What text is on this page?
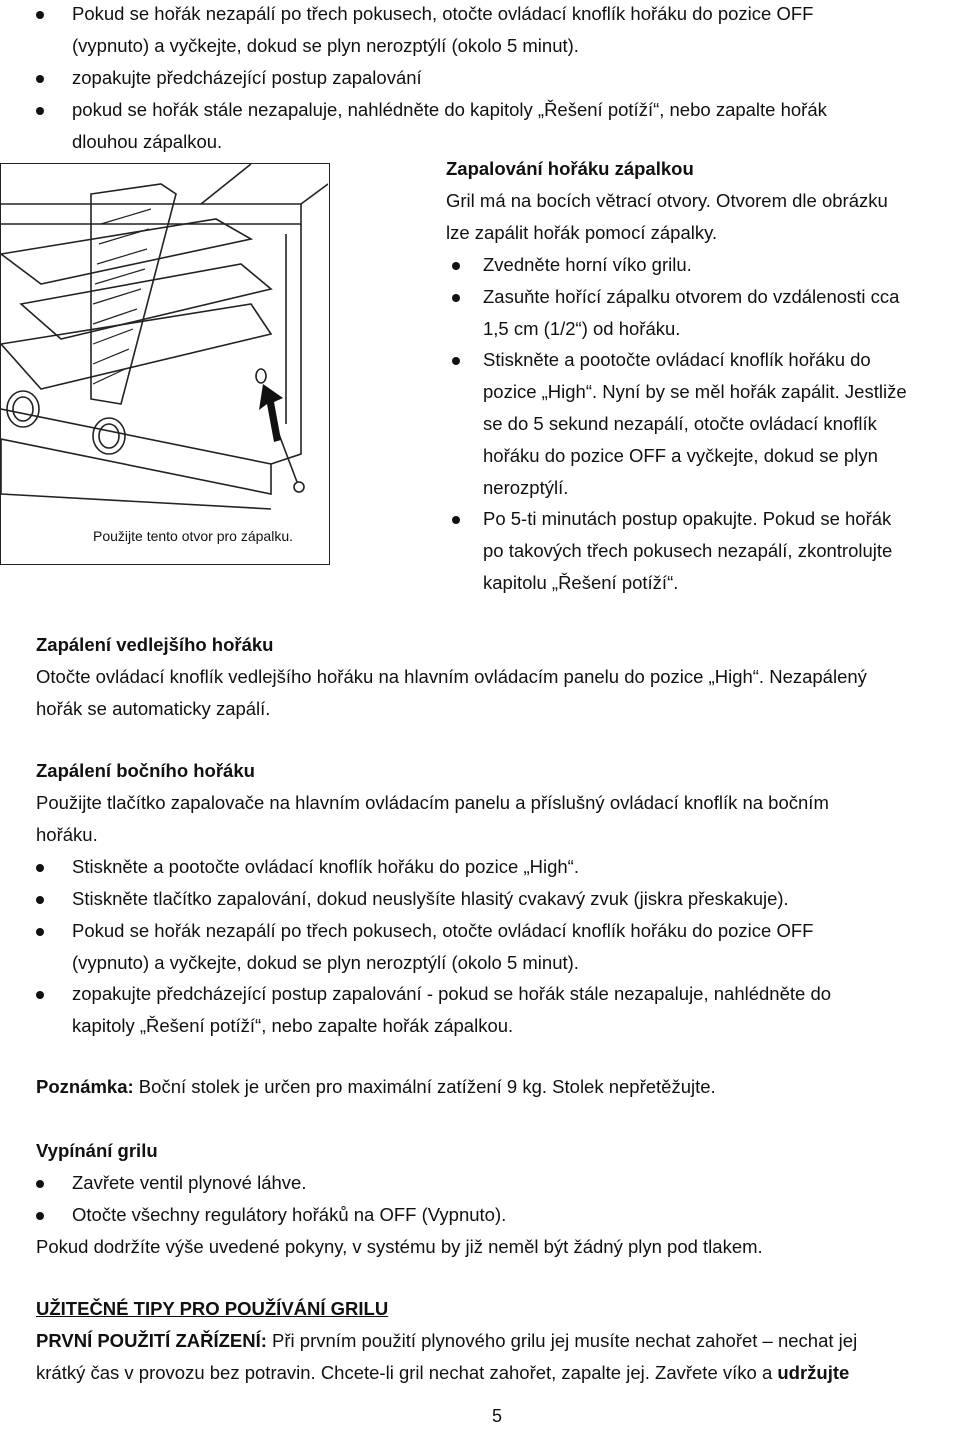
Pokud se hořák nezapálí po třech pokusech, otočte ovládací knoflík hořáku do pozice OFF
(vypnuto) a vyčkejte, dokud se plyn nerozptýlí (okolo 5 minut).
zopakujte předcházející postup zapalování
pokud se hořák stále nezapaluje, nahlédněte do kapitoly „Řešení potíží“, nebo zapalte hořák
dlouhou zápalkou.
Použijte tento otvor pro zápalku.
Zapalování hořáku zápalkou
Gril má na bocích větrací otvory. Otvorem dle obrázku
lze zapálit hořák pomocí zápalky.
Zvedněte horní víko grilu.
Zasuňte hořící zápalku otvorem do vzdálenosti cca
1,5 cm (1/2“) od hořáku.
Stiskněte a pootočte ovládací knoflík hořáku do
pozice „High“. Nyní by se měl hořák zapálit. Jestliže
se do 5 sekund nezapálí, otočte ovládací knoflík
hořáku do pozice OFF a vyčkejte, dokud se plyn
nerozptýlí.
Po 5-ti minutách postup opakujte. Pokud se hořák
po takových třech pokusech nezapálí, zkontrolujte
kapitolu „Řešení potíží“.
Zapálení vedlejšího hořáku
Otočte ovládací knoflík vedlejšího hořáku na hlavním ovládacím panelu do pozice „High“. Nezapálený
hořák se automaticky zapálí.
Zapálení bočního hořáku
Použijte tlačítko zapalovače na hlavním ovládacím panelu a příslušný ovládací knoflík na bočním
hořáku.
Stiskněte a pootočte ovládací knoflík hořáku do pozice „High“.
Stiskněte tlačítko zapalování, dokud neuslyšíte hlasitý cvakavý zvuk (jiskra přeskakuje).
Pokud se hořák nezapálí po třech pokusech, otočte ovládací knoflík hořáku do pozice OFF
(vypnuto) a vyčkejte, dokud se plyn nerozptýlí (okolo 5 minut).
zopakujte předcházející postup zapalování - pokud se hořák stále nezapaluje, nahlédněte do
kapitoly „Řešení potíží“, nebo zapalte hořák zápalkou.
Poznámka: Boční stolek je určen pro maximální zatížení 9 kg. Stolek nepřetěžujte.
Vypínání grilu
Zavřete ventil plynové láhve.
Otočte všechny regulátory hořáků na OFF (Vypnuto).
Pokud dodržíte výše uvedené pokyny, v systému by již neměl být žádný plyn pod tlakem.
UŽITEČNÉ TIPY PRO POUŽÍVÁNÍ GRILU
PRVNÍ POUŽITÍ ZAŘÍZENÍ: Při prvním použití plynového grilu jej musíte nechat zahořet – nechat jej
krátký čas v provozu bez potravin. Chcete-li gril nechat zahořet, zapalte jej. Zavřete víko a udržujte
5
